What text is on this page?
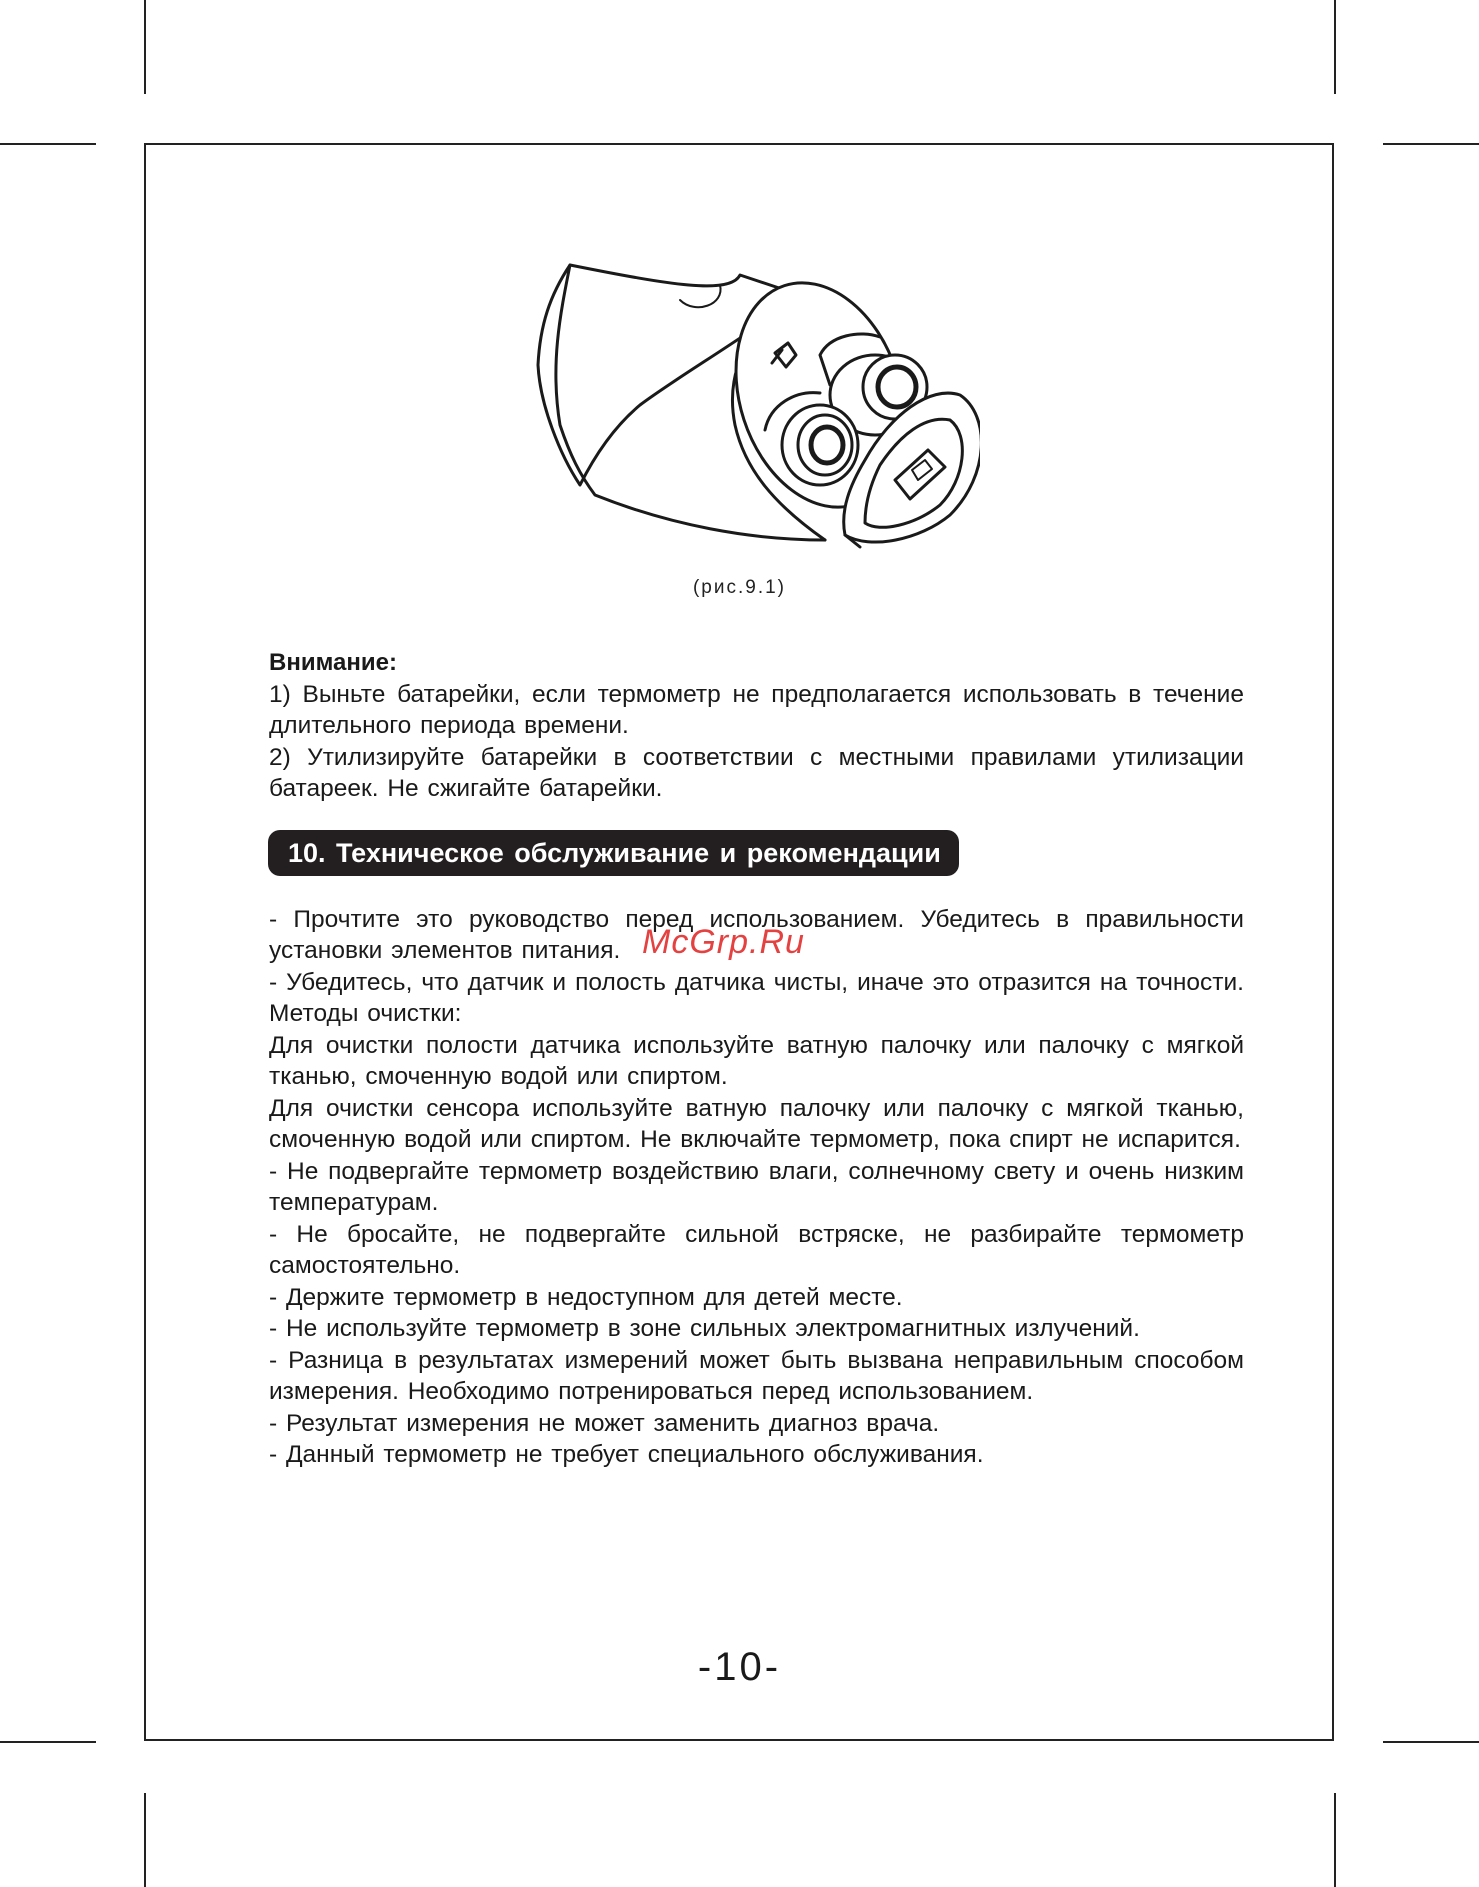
(рис.9.1)

Внимание:

1) Выньте батарейки, если термометр не предполагается использовать в течение длительного периода времени.

2) Утилизируйте батарейки в соответствии с местными правилами утилизации батареек. Не сжигайте батарейки.

10. Техническое обслуживание и рекомендации

- Прочтите это руководство перед использованием. Убедитесь в правильности установки элементов питания.

- Убедитесь, что датчик и полость датчика чисты, иначе это отразится на точности. Методы очистки:

Для очистки полости датчика используйте ватную палочку или палочку с мягкой тканью, смоченную водой или спиртом.

Для очистки сенсора используйте ватную палочку или палочку с мягкой тканью, смоченную водой или спиртом. Не включайте термометр, пока спирт не испарится.

- Не подвергайте термометр воздействию влаги, солнечному свету и очень низким температурам.

- Не бросайте, не подвергайте сильной встряске, не разбирайте термометр самостоятельно.

- Держите термометр в недоступном для детей месте.

- Не используйте термометр в зоне сильных электромагнитных излучений.

- Разница в результатах измерений может быть вызвана неправильным способом измерения. Необходимо потренироваться перед использованием.

- Результат измерения не может заменить диагноз врача.

- Данный термометр не требует специального обслуживания.

McGrp.Ru
-10-
